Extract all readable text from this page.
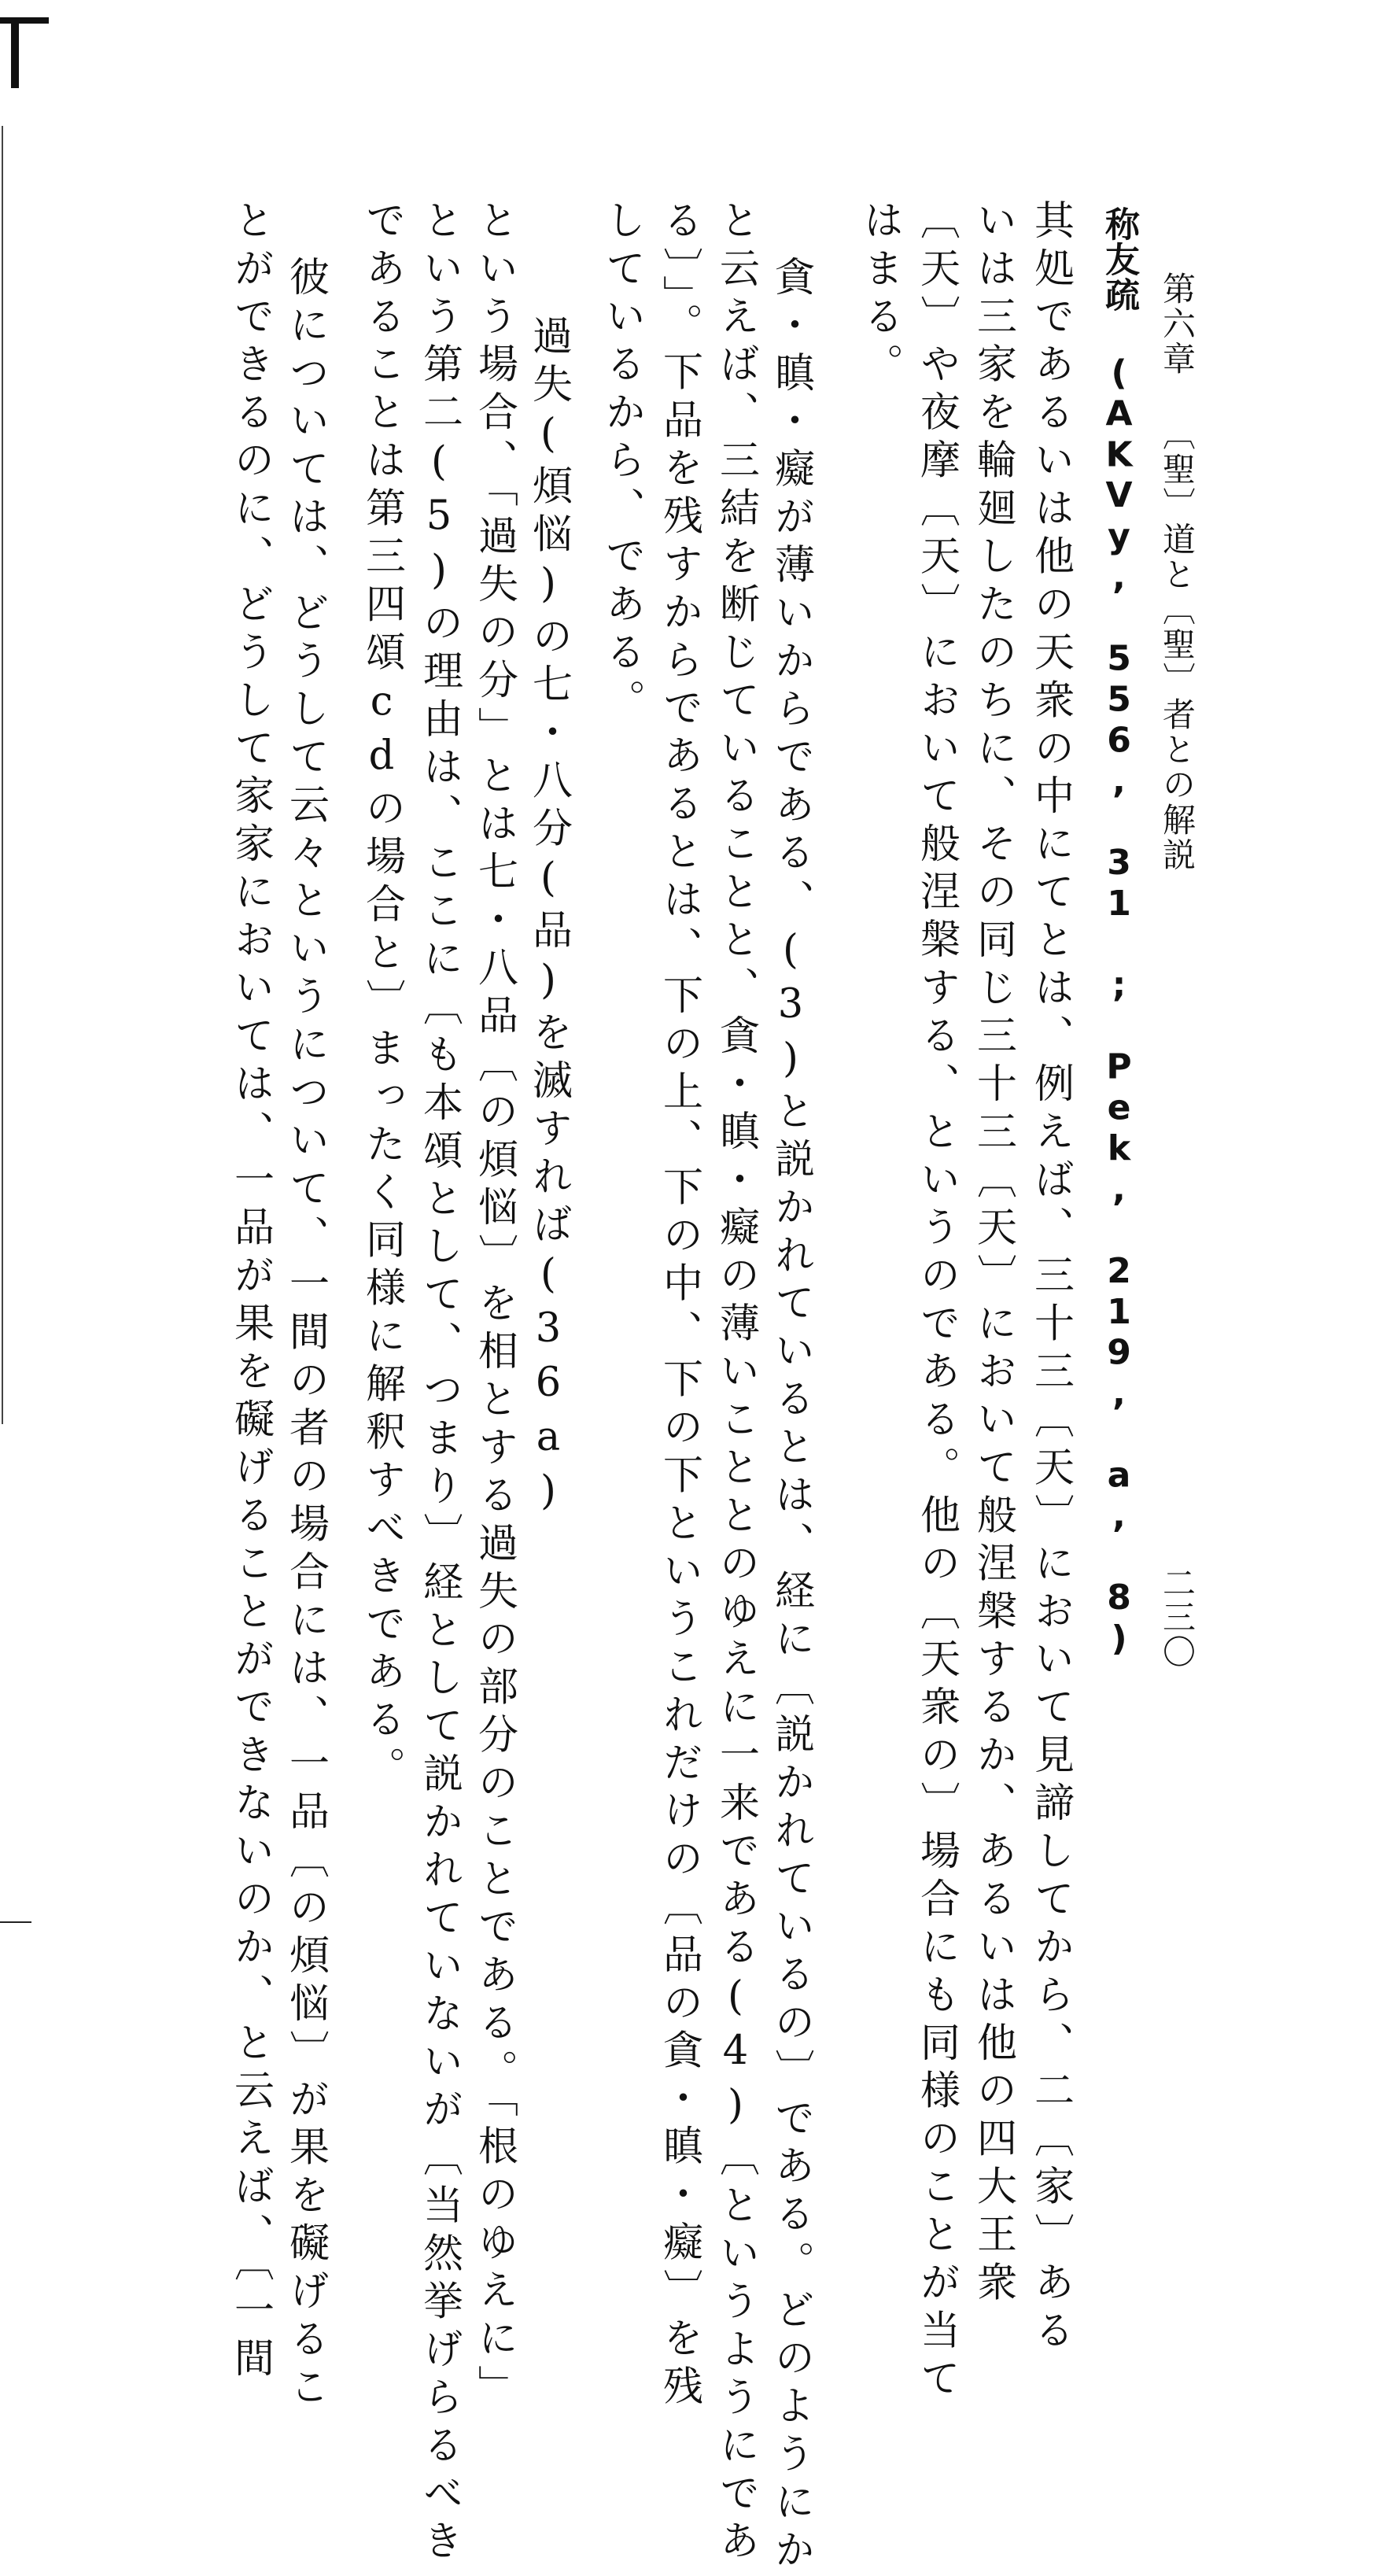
第六章 〔聖〕道と〔聖〕者との解説
二三〇
称友疏 (AKVy, 556, 31 ; Pek, 219, a, 8)
其処であるいは他の天衆の中にてとは、例えば、三十三〔天〕において見諦してから、二〔家〕ある
いは三家を輪廻したのちに、その同じ三十三〔天〕において般涅槃するか、あるいは他の四大王衆
〔天〕や夜摩〔天〕において般涅槃する、というのである。他の〔天衆の〕場合にも同様のことが当て
はまる。
貪・瞋・癡が薄いからである、(3)と説かれているとは、経に〔説かれているの〕である。どのようにか
と云えば、三結を断じていることと、貪・瞋・癡の薄いこととのゆえに一来である(4)〔というようにであ
る〕」。下品を残すからであるとは、下の上、下の中、下の下というこれだけの〔品の貪・瞋・癡〕を残
しているから、である。
過失(煩悩)の七・八分(品)を滅すれば(36a)
という場合、「過失の分」とは七・八品〔の煩悩〕を相とする過失の部分のことである。「根のゆえに」
という第二(5)の理由は、ここに〔も本頌として、つまり〕経として説かれていないが〔当然挙げらるべき
であることは第三四頌cdの場合と〕まったく同様に解釈すべきである。
彼については、どうして云々というについて、一間の者の場合には、一品〔の煩悩〕が果を礙げるこ
とができるのに、どうして家家においては、一品が果を礙げることができないのか、と云えば、〔一間
